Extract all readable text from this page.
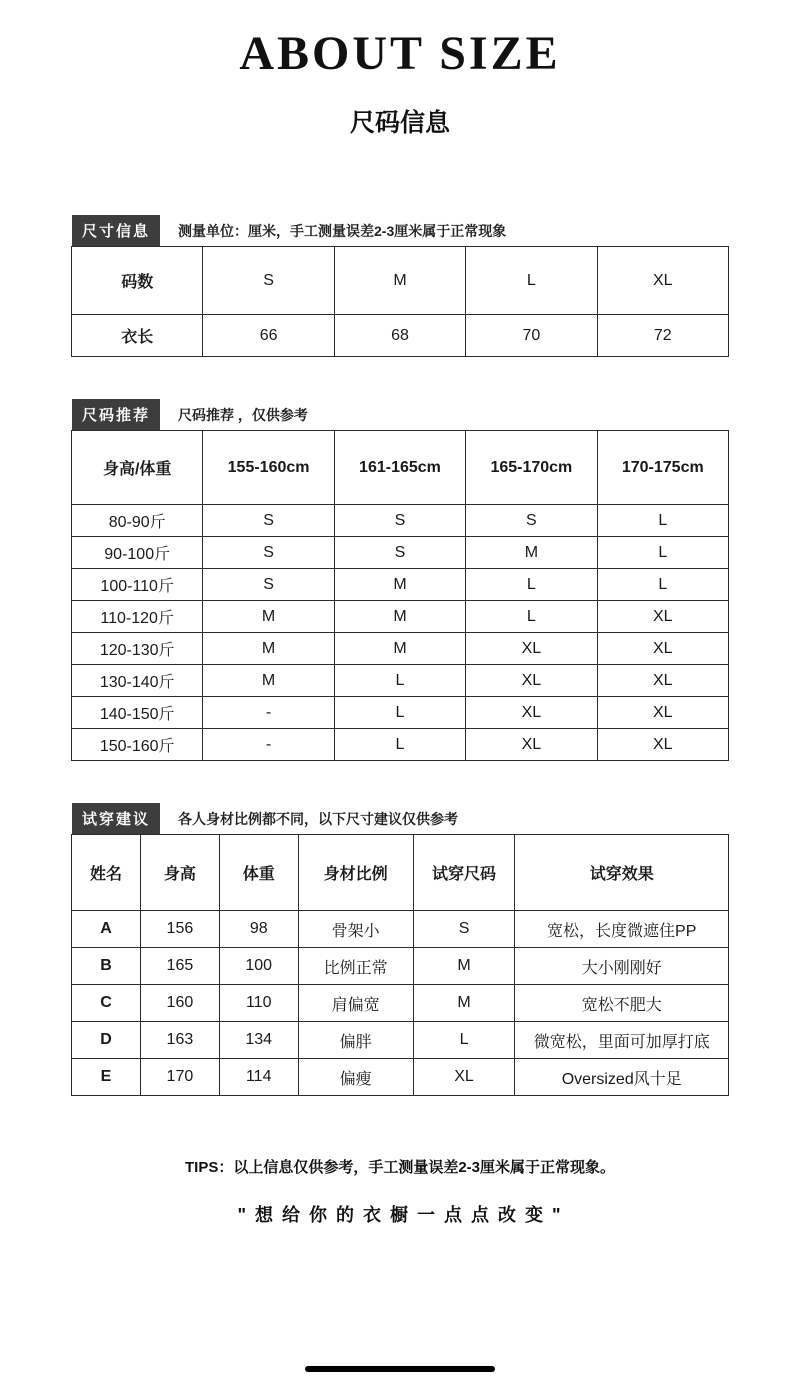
ABOUT SIZE
尺码信息
尺寸信息	测量单位：厘米，手工测量误差2-3厘米属于正常现象
码数	S	M	L	XL
衣长	66	68	70	72
尺码推荐	尺码推荐 ，仅供参考
身高/体重	155-160cm	161-165cm	165-170cm	170-175cm
80-90斤	S	S	S	L
90-100斤	S	S	M	L
100-110斤	S	M	L	L
110-120斤	M	M	L	XL
120-130斤	M	M	XL	XL
130-140斤	M	L	XL	XL
140-150斤	-	L	XL	XL
150-160斤	-	L	XL	XL
试穿建议	各人身材比例都不同，以下尺寸建议仅供参考
姓名	身高	体重	身材比例	试穿尺码	试穿效果
A	156	98	骨架小	S	宽松，长度微遮住PP
B	165	100	比例正常	M	大小刚刚好
C	160	110	肩偏宽	M	宽松不肥大
D	163	134	偏胖	L	微宽松，里面可加厚打底
E	170	114	偏瘦	XL	Oversized风十足
TIPS：以上信息仅供参考，手工测量误差2-3厘米属于正常现象。
" 想 给 你 的 衣 橱 一 点 点 改 变 "
